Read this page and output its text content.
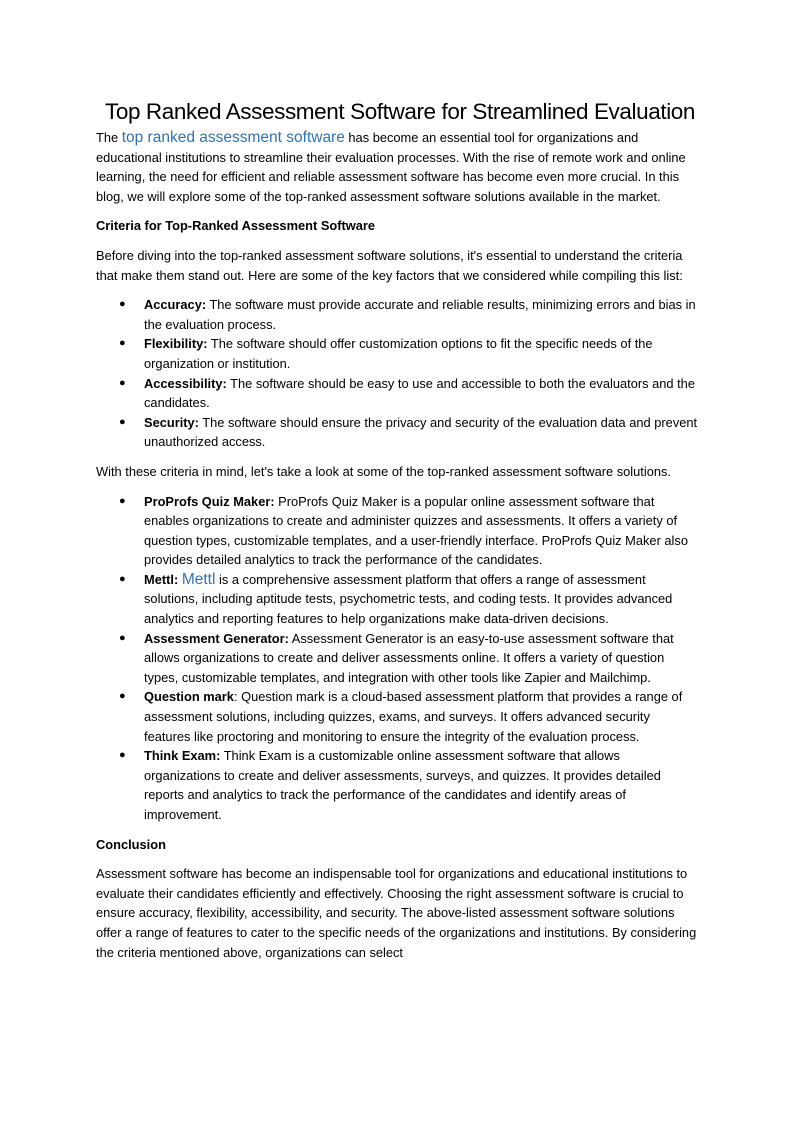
Top Ranked Assessment Software for Streamlined Evaluation

The top ranked assessment software has become an essential tool for organizations and educational institutions to streamline their evaluation processes. With the rise of remote work and online learning, the need for efficient and reliable assessment software has become even more crucial. In this blog, we will explore some of the top-ranked assessment software solutions available in the market.

Criteria for Top-Ranked Assessment Software

Before diving into the top-ranked assessment software solutions, it's essential to understand the criteria that make them stand out. Here are some of the key factors that we considered while compiling this list:

● Accuracy: The software must provide accurate and reliable results, minimizing errors and bias in the evaluation process.
● Flexibility: The software should offer customization options to fit the specific needs of the organization or institution.
● Accessibility: The software should be easy to use and accessible to both the evaluators and the candidates.
● Security: The software should ensure the privacy and security of the evaluation data and prevent unauthorized access.

With these criteria in mind, let's take a look at some of the top-ranked assessment software solutions.

● ProProfs Quiz Maker: ProProfs Quiz Maker is a popular online assessment software that enables organizations to create and administer quizzes and assessments. It offers a variety of question types, customizable templates, and a user-friendly interface. ProProfs Quiz Maker also provides detailed analytics to track the performance of the candidates.
● Mettl: Mettl is a comprehensive assessment platform that offers a range of assessment solutions, including aptitude tests, psychometric tests, and coding tests. It provides advanced analytics and reporting features to help organizations make data-driven decisions.
● Assessment Generator: Assessment Generator is an easy-to-use assessment software that allows organizations to create and deliver assessments online. It offers a variety of question types, customizable templates, and integration with other tools like Zapier and Mailchimp.
● Question mark: Question mark is a cloud-based assessment platform that provides a range of assessment solutions, including quizzes, exams, and surveys. It offers advanced security features like proctoring and monitoring to ensure the integrity of the evaluation process.
● Think Exam: Think Exam is a customizable online assessment software that allows organizations to create and deliver assessments, surveys, and quizzes. It provides detailed reports and analytics to track the performance of the candidates and identify areas of improvement.

Conclusion

Assessment software has become an indispensable tool for organizations and educational institutions to evaluate their candidates efficiently and effectively. Choosing the right assessment software is crucial to ensure accuracy, flexibility, accessibility, and security. The above-listed assessment software solutions offer a range of features to cater to the specific needs of the organizations and institutions. By considering the criteria mentioned above, organizations can select
